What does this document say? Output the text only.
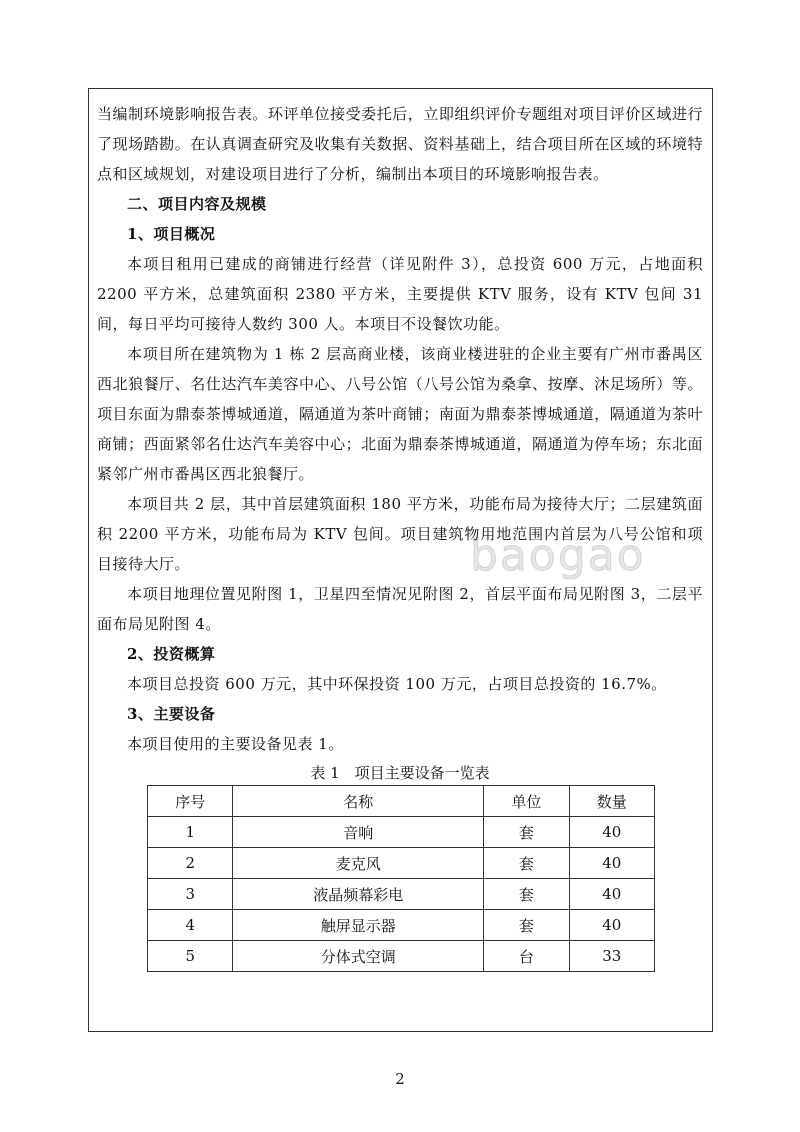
当编制环境影响报告表。环评单位接受委托后，立即组织评价专题组对项目评价区域进行了现场踏勘。在认真调查研究及收集有关数据、资料基础上，结合项目所在区域的环境特点和区域规划，对建设项目进行了分析，编制出本项目的环境影响报告表。

二、项目内容及规模

1、项目概况

本项目租用已建成的商铺进行经营（详见附件 3），总投资 600 万元，占地面积 2200 平方米，总建筑面积 2380 平方米，主要提供 KTV 服务，设有 KTV 包间 31 间，每日平均可接待人数约 300 人。本项目不设餐饮功能。

本项目所在建筑物为 1 栋 2 层高商业楼，该商业楼进驻的企业主要有广州市番禺区西北狼餐厅、名仕达汽车美容中心、八号公馆（八号公馆为桑拿、按摩、沐足场所）等。项目东面为鼎泰茶博城通道，隔通道为茶叶商铺；南面为鼎泰茶博城通道，隔通道为茶叶商铺；西面紧邻名仕达汽车美容中心；北面为鼎泰茶博城通道，隔通道为停车场；东北面紧邻广州市番禺区西北狼餐厅。

本项目共 2 层，其中首层建筑面积 180 平方米，功能布局为接待大厅；二层建筑面积 2200 平方米，功能布局为 KTV 包间。项目建筑物用地范围内首层为八号公馆和项目接待大厅。

本项目地理位置见附图 1，卫星四至情况见附图 2，首层平面布局见附图 3，二层平面布局见附图 4。

2、投资概算

本项目总投资 600 万元，其中环保投资 100 万元，占项目总投资的 16.7%。

3、主要设备

本项目使用的主要设备见表 1。

表 1　项目主要设备一览表
序号	名称	单位	数量
1	音响	套	40
2	麦克风	套	40
3	液晶频幕彩电	套	40
4	触屏显示器	套	40
5	分体式空调	台	33
baogao
2
